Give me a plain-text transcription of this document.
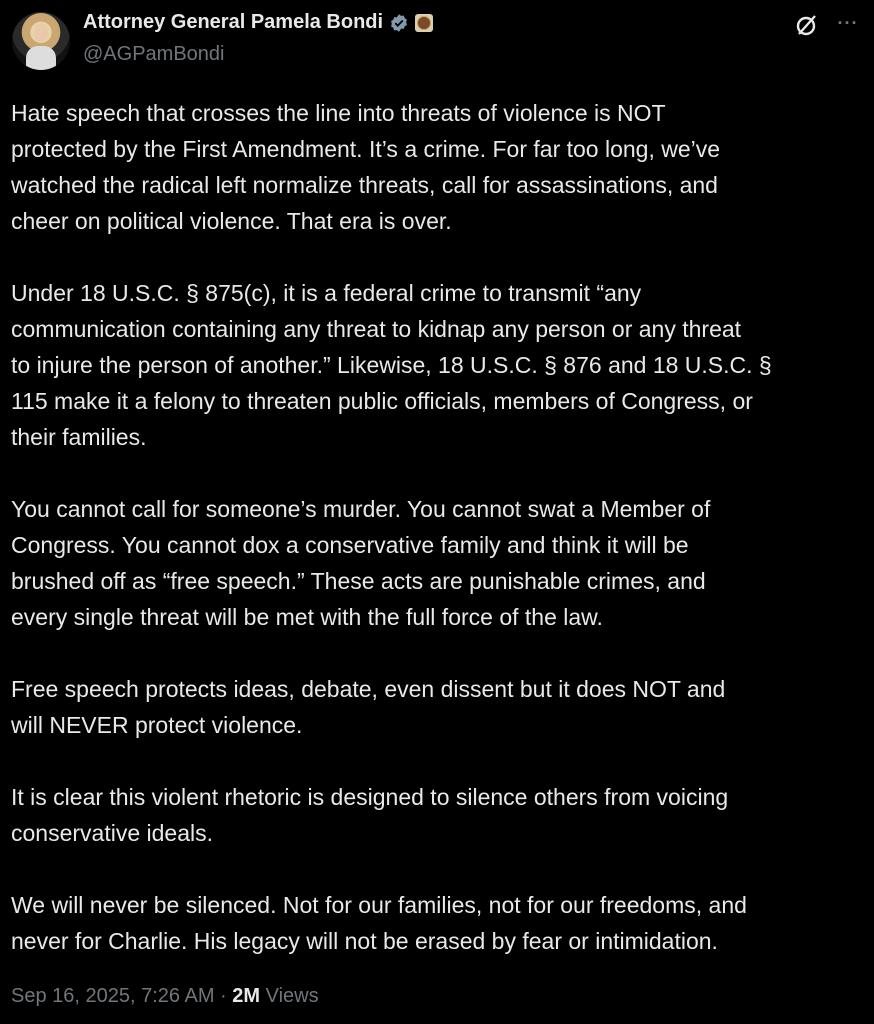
Attorney General Pamela Bondi
@AGPamBondi
···
Hate speech that crosses the line into threats of violence is NOT
protected by the First Amendment. It’s a crime. For far too long, we’ve
watched the radical left normalize threats, call for assassinations, and
cheer on political violence. That era is over.
Under 18 U.S.C. § 875(c), it is a federal crime to transmit “any
communication containing any threat to kidnap any person or any threat
to injure the person of another.” Likewise, 18 U.S.C. § 876 and 18 U.S.C. §
115 make it a felony to threaten public officials, members of Congress, or
their families.
You cannot call for someone’s murder. You cannot swat a Member of
Congress. You cannot dox a conservative family and think it will be
brushed off as “free speech.” These acts are punishable crimes, and
every single threat will be met with the full force of the law.
Free speech protects ideas, debate, even dissent but it does NOT and
will NEVER protect violence.
It is clear this violent rhetoric is designed to silence others from voicing
conservative ideals.
We will never be silenced. Not for our families, not for our freedoms, and
never for Charlie. His legacy will not be erased by fear or intimidation.
Sep 16, 2025, 7:26 AM · 2M Views
